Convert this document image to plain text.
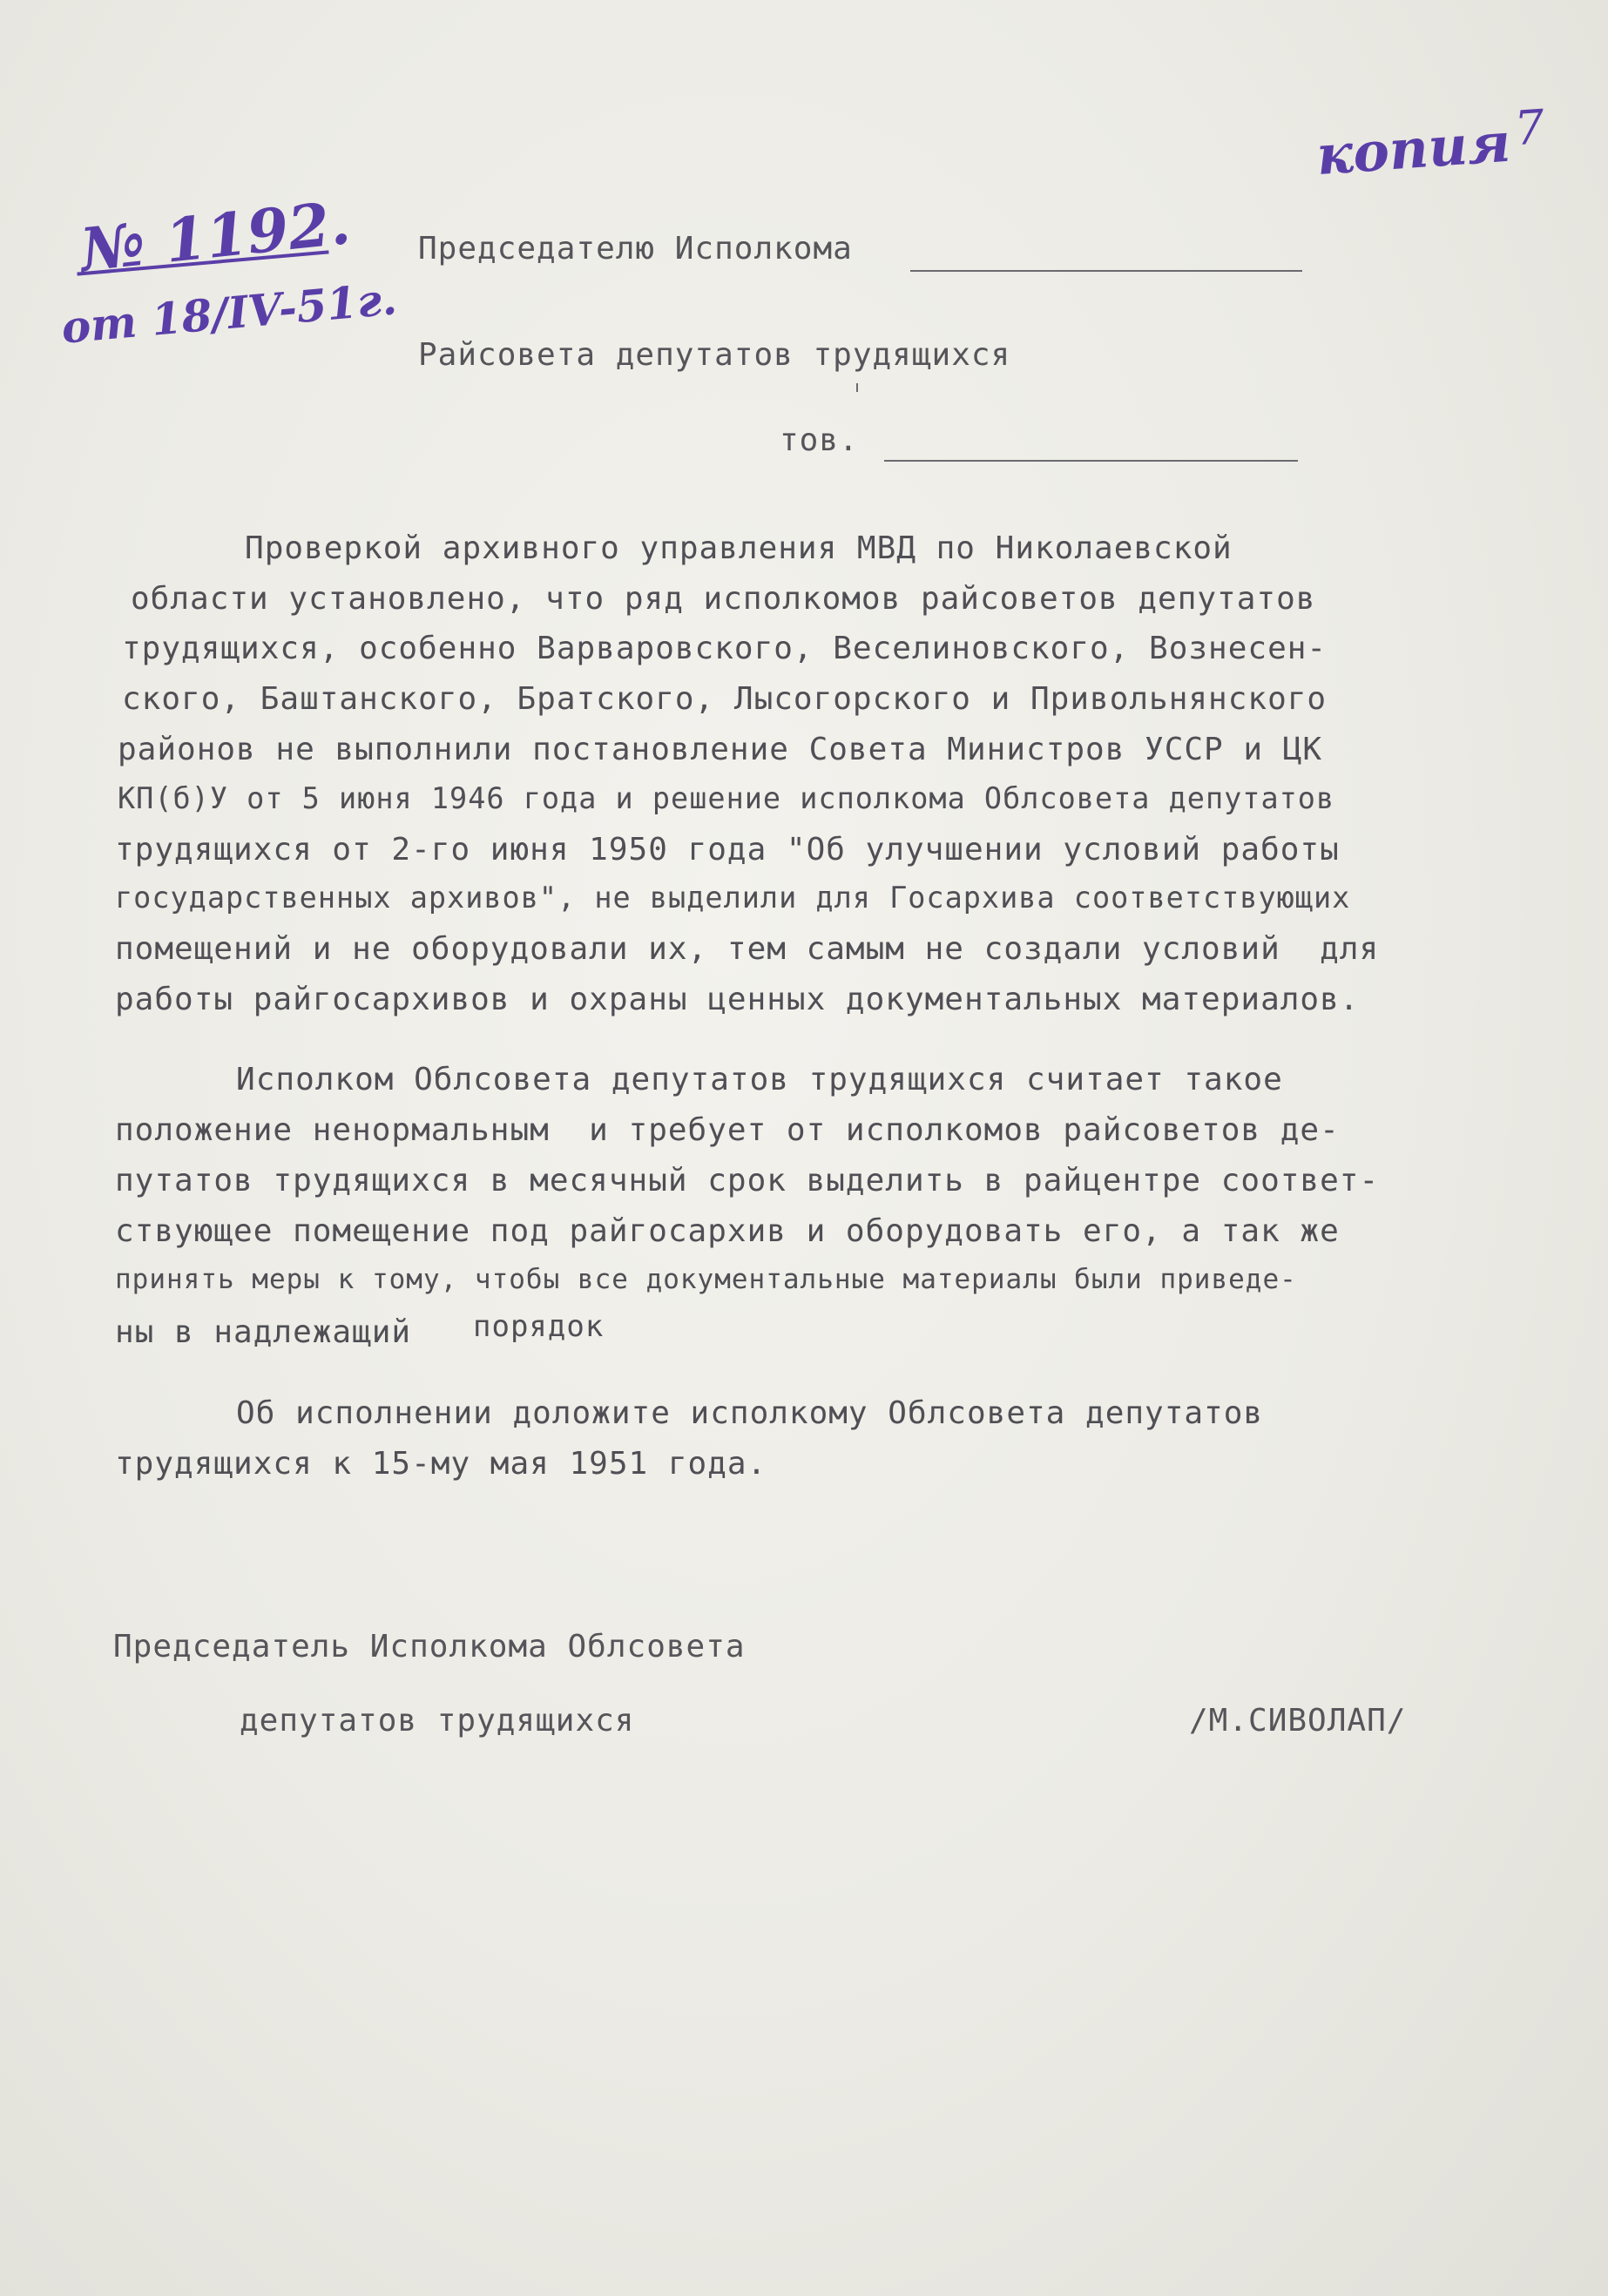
копия7

№ 1192.
от 18/IV-51г.
Председателю Исполкома
Райсовета депутатов трудящихся
тов.
Проверкой архивного управления МВД по Николаевской
области установлено, что ряд исполкомов райсоветов депутатов
трудящихся, особенно Варваровского, Веселиновского, Вознесен-
ского, Баштанского, Братского, Лысогорского и Привольнянского
районов не выполнили постановление Совета Министров УССР и ЦК
КП(б)У от 5 июня 1946 года и решение исполкома Облсовета депутатов
трудящихся от 2-го июня 1950 года "Об улучшении условий работы
государственных архивов", не выделили для Госархива соответствующих
помещений и не оборудовали их, тем самым не создали условий  для
работы райгосархивов и охраны ценных документальных материалов.
Исполком Облсовета депутатов трудящихся считает такое
положение ненормальным  и требует от исполкомов райсоветов де-
путатов трудящихся в месячный срок выделить в райцентре соответ-
ствующее помещение под райгосархив и оборудовать его, а так же
принять меры к тому, чтобы все документальные материалы были приведе-
ны в надлежащий порядок
Об исполнении доложите исполкому Облсовета депутатов
трудящихся к 15-му мая 1951 года.
Председатель Исполкома Облсовета
депутатов трудящихся	/М.СИВОЛАП/
